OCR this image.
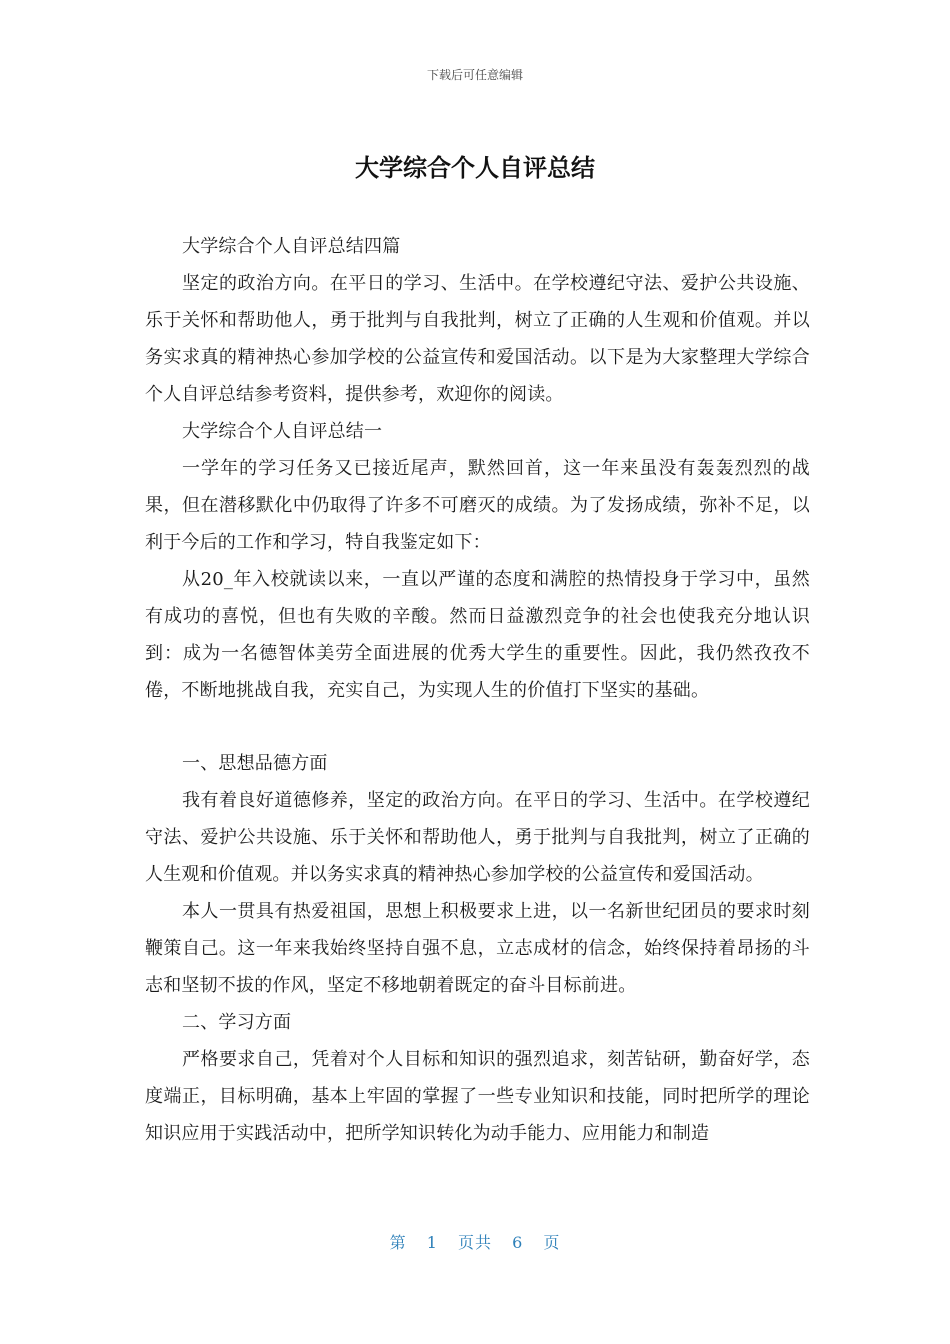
下载后可任意编辑
大学综合个人自评总结

大学综合个人自评总结四篇

坚定的政治方向。在平日的学习、生活中。在学校遵纪守法、爱护公共设施、乐于关怀和帮助他人，勇于批判与自我批判，树立了正确的人生观和价值观。并以务实求真的精神热心参加学校的公益宣传和爱国活动。以下是为大家整理大学综合个人自评总结参考资料，提供参考，欢迎你的阅读。

大学综合个人自评总结一

一学年的学习任务又已接近尾声，默然回首，这一年来虽没有轰轰烈烈的战果，但在潜移默化中仍取得了许多不可磨灭的成绩。为了发扬成绩，弥补不足，以利于今后的工作和学习，特自我鉴定如下：

从20_年入校就读以来，一直以严谨的态度和满腔的热情投身于学习中，虽然有成功的喜悦，但也有失败的辛酸。然而日益激烈竞争的社会也使我充分地认识到：成为一名德智体美劳全面进展的优秀大学生的重要性。因此，我仍然孜孜不倦，不断地挑战自我，充实自己，为实现人生的价值打下坚实的基础。

一、思想品德方面

我有着良好道德修养，坚定的政治方向。在平日的学习、生活中。在学校遵纪守法、爱护公共设施、乐于关怀和帮助他人，勇于批判与自我批判，树立了正确的人生观和价值观。并以务实求真的精神热心参加学校的公益宣传和爱国活动。

本人一贯具有热爱祖国，思想上积极要求上进，以一名新世纪团员的要求时刻鞭策自己。这一年来我始终坚持自强不息，立志成材的信念，始终保持着昂扬的斗志和坚韧不拔的作风，坚定不移地朝着既定的奋斗目标前进。

二、学习方面

严格要求自己，凭着对个人目标和知识的强烈追求，刻苦钻研，勤奋好学，态度端正，目标明确，基本上牢固的掌握了一些专业知识和技能，同时把所学的理论知识应用于实践活动中，把所学知识转化为动手能力、应用能力和制造

第 1 页共 6 页
